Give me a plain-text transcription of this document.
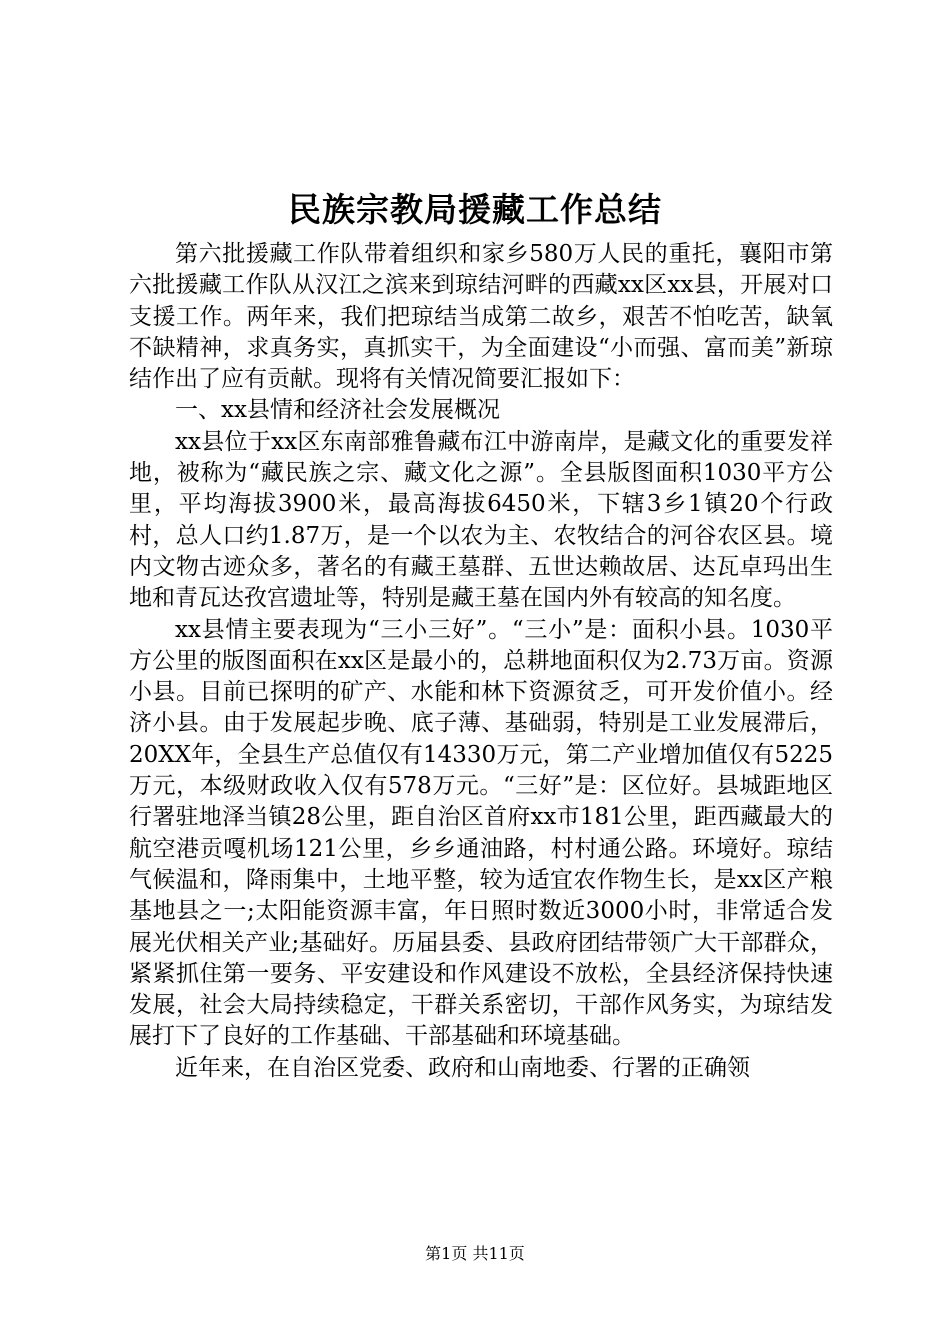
民族宗教局援藏工作总结

第六批援藏工作队带着组织和家乡580万人民的重托，襄阳市第六批援藏工作队从汉江之滨来到琼结河畔的西藏xx区xx县，开展对口支援工作。两年来，我们把琼结当成第二故乡，艰苦不怕吃苦，缺氧不缺精神，求真务实，真抓实干，为全面建设“小而强、富而美”新琼结作出了应有贡献。现将有关情况简要汇报如下：

一、xx县情和经济社会发展概况

xx县位于xx区东南部雅鲁藏布江中游南岸，是藏文化的重要发祥地，被称为“藏民族之宗、藏文化之源”。全县版图面积1030平方公里，平均海拔3900米，最高海拔6450米，下辖3乡1镇20个行政村，总人口约1.87万，是一个以农为主、农牧结合的河谷农区县。境内文物古迹众多，著名的有藏王墓群、五世达赖故居、达瓦卓玛出生地和青瓦达孜宫遗址等，特别是藏王墓在国内外有较高的知名度。

xx县情主要表现为“三小三好”。“三小”是：面积小县。1030平方公里的版图面积在xx区是最小的，总耕地面积仅为2.73万亩。资源小县。目前已探明的矿产、水能和林下资源贫乏，可开发价值小。经济小县。由于发展起步晚、底子薄、基础弱，特别是工业发展滞后，20XX年，全县生产总值仅有14330万元，第二产业增加值仅有5225万元，本级财政收入仅有578万元。“三好”是：区位好。县城距地区行署驻地泽当镇28公里，距自治区首府xx市181公里，距西藏最大的航空港贡嘎机场121公里，乡乡通油路，村村通公路。环境好。琼结气候温和，降雨集中，土地平整，较为适宜农作物生长，是xx区产粮基地县之一;太阳能资源丰富，年日照时数近3000小时，非常适合发展光伏相关产业;基础好。历届县委、县政府团结带领广大干部群众，紧紧抓住第一要务、平安建设和作风建设不放松，全县经济保持快速发展，社会大局持续稳定，干群关系密切，干部作风务实，为琼结发展打下了良好的工作基础、干部基础和环境基础。

近年来，在自治区党委、政府和山南地委、行署的正确领

第1页 共11页
